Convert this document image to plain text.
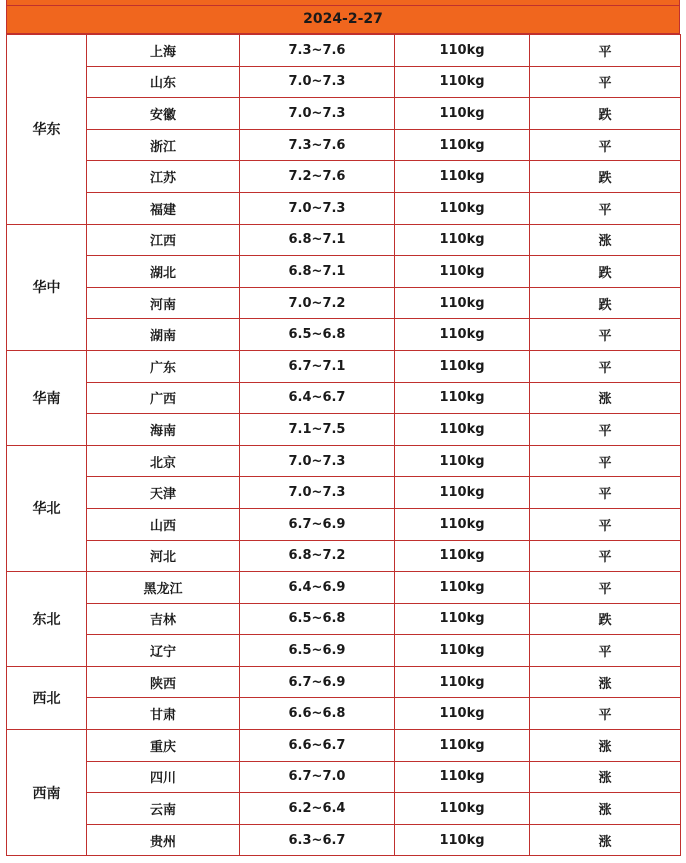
2024-2-27
华东	上海	7.3~7.6	110kg	平
	山东	7.0~7.3	110kg	平
	安徽	7.0~7.3	110kg	跌
	浙江	7.3~7.6	110kg	平
	江苏	7.2~7.6	110kg	跌
	福建	7.0~7.3	110kg	平
华中	江西	6.8~7.1	110kg	涨
	湖北	6.8~7.1	110kg	跌
	河南	7.0~7.2	110kg	跌
	湖南	6.5~6.8	110kg	平
华南	广东	6.7~7.1	110kg	平
	广西	6.4~6.7	110kg	涨
	海南	7.1~7.5	110kg	平
华北	北京	7.0~7.3	110kg	平
	天津	7.0~7.3	110kg	平
	山西	6.7~6.9	110kg	平
	河北	6.8~7.2	110kg	平
东北	黑龙江	6.4~6.9	110kg	平
	吉林	6.5~6.8	110kg	跌
	辽宁	6.5~6.9	110kg	平
西北	陕西	6.7~6.9	110kg	涨
	甘肃	6.6~6.8	110kg	平
西南	重庆	6.6~6.7	110kg	涨
	四川	6.7~7.0	110kg	涨
	云南	6.2~6.4	110kg	涨
	贵州	6.3~6.7	110kg	涨
